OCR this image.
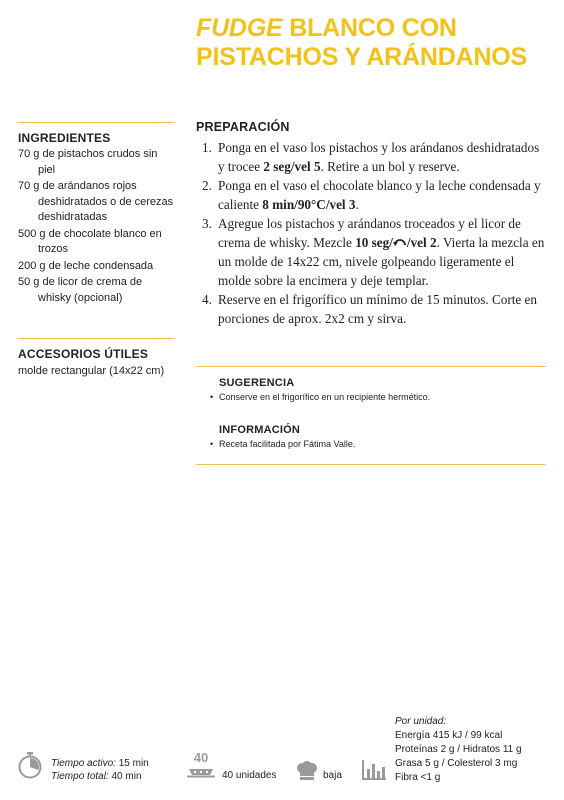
FUDGE BLANCO CON PISTACHOS Y ARÁNDANOS
INGREDIENTES
70 g de pistachos crudos sin piel
70 g de arándanos rojos deshidratados o de cerezas deshidratadas
500 g de chocolate blanco en trozos
200 g de leche condensada
50 g de licor de crema de whisky (opcional)
ACCESORIOS ÚTILES
molde rectangular (14x22 cm)
PREPARACIÓN
1. Ponga en el vaso los pistachos y los arándanos deshidratados y trocee 2 seg/vel 5. Retire a un bol y reserve.
2. Ponga en el vaso el chocolate blanco y la leche condensada y caliente 8 min/90°C/vel 3.
3. Agregue los pistachos y arándanos troceados y el licor de crema de whisky. Mezcle 10 seg/ /vel 2. Vierta la mezcla en un molde de 14x22 cm, nivele golpeando ligeramente el molde sobre la encimera y deje templar.
4. Reserve en el frigorífico un mínimo de 15 minutos. Corte en porciones de aprox. 2x2 cm y sirva.
SUGERENCIA
• Conserve en el frigorífico en un recipiente hermético.
INFORMACIÓN
• Receta facilitada por Fátima Valle.
Tiempo activo: 15 min
Tiempo total: 40 min
40
40 unidades	baja
Por unidad:
Energía 415 kJ / 99 kcal
Proteínas 2 g / Hidratos 11 g
Grasa 5 g / Colesterol 3 mg
Fibra <1 g
